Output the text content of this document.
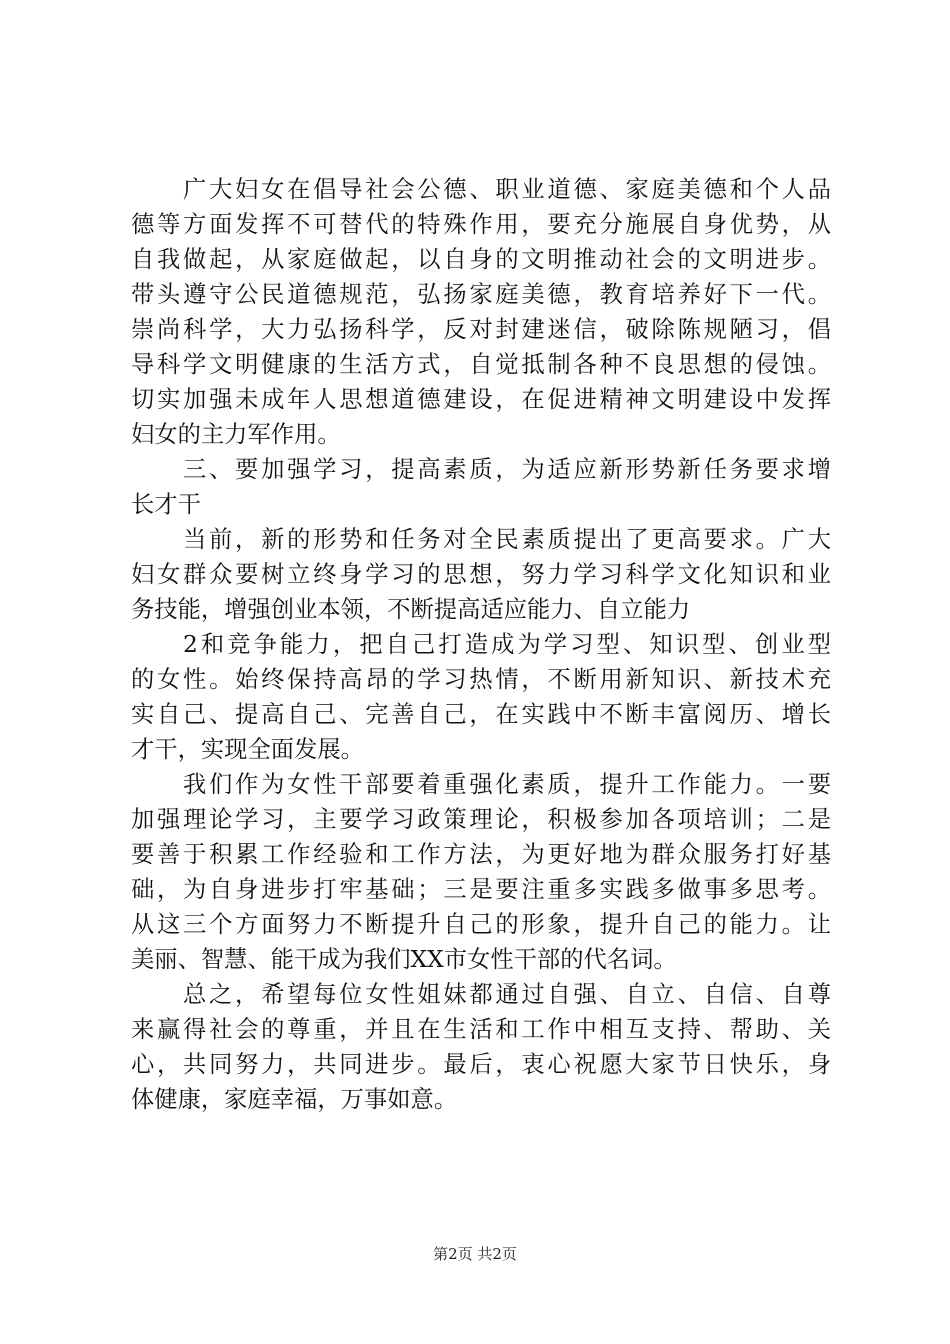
广大妇女在倡导社会公德、职业道德、家庭美德和个人品
德等方面发挥不可替代的特殊作用，要充分施展自身优势，从
自我做起，从家庭做起，以自身的文明推动社会的文明进步。
带头遵守公民道德规范，弘扬家庭美德，教育培养好下一代。
崇尚科学，大力弘扬科学，反对封建迷信，破除陈规陋习，倡
导科学文明健康的生活方式，自觉抵制各种不良思想的侵蚀。
切实加强未成年人思想道德建设，在促进精神文明建设中发挥
妇女的主力军作用。
三、要加强学习，提高素质，为适应新形势新任务要求增
长才干
当前，新的形势和任务对全民素质提出了更高要求。广大
妇女群众要树立终身学习的思想，努力学习科学文化知识和业
务技能，增强创业本领，不断提高适应能力、自立能力
2和竞争能力，把自己打造成为学习型、知识型、创业型
的女性。始终保持高昂的学习热情，不断用新知识、新技术充
实自己、提高自己、完善自己，在实践中不断丰富阅历、增长
才干，实现全面发展。
我们作为女性干部要着重强化素质，提升工作能力。一要
加强理论学习，主要学习政策理论，积极参加各项培训；二是
要善于积累工作经验和工作方法，为更好地为群众服务打好基
础，为自身进步打牢基础；三是要注重多实践多做事多思考。
从这三个方面努力不断提升自己的形象，提升自己的能力。让
美丽、智慧、能干成为我们XX市女性干部的代名词。
总之，希望每位女性姐妹都通过自强、自立、自信、自尊
来赢得社会的尊重，并且在生活和工作中相互支持、帮助、关
心，共同努力，共同进步。最后，衷心祝愿大家节日快乐，身
体健康，家庭幸福，万事如意。
第2页 共2页
